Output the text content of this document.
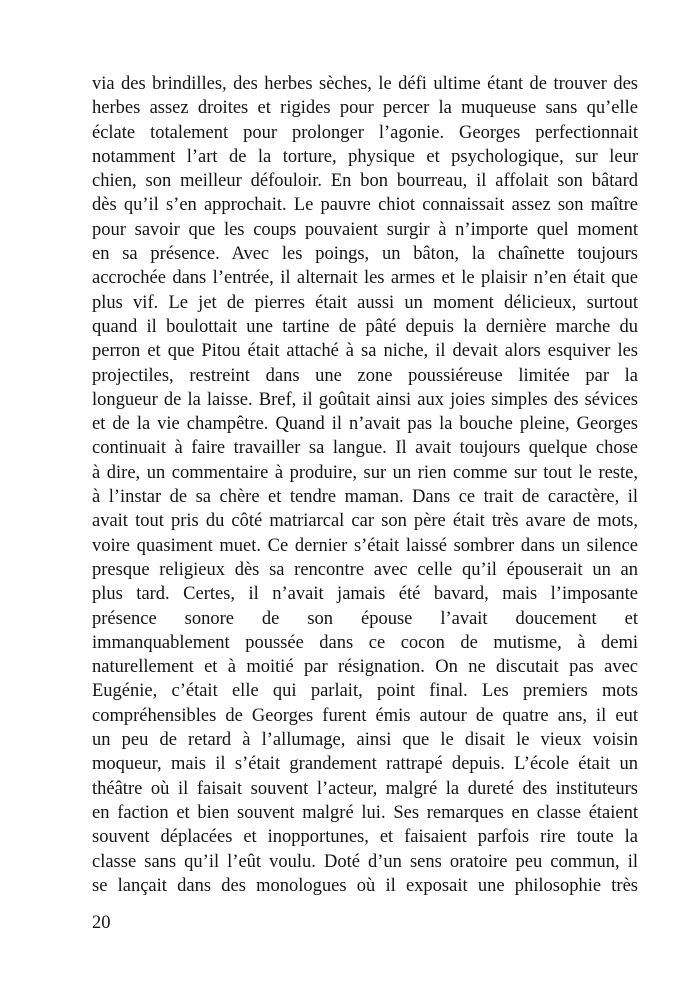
via des brindilles, des herbes sèches, le défi ultime étant de trouver des
herbes assez droites et rigides pour percer la muqueuse sans qu’elle
éclate totalement pour prolonger l’agonie. Georges perfectionnait
notamment l’art de la torture, physique et psychologique, sur leur
chien, son meilleur défouloir. En bon bourreau, il affolait son bâtard
dès qu’il s’en approchait. Le pauvre chiot connaissait assez son maître
pour savoir que les coups pouvaient surgir à n’importe quel moment
en sa présence. Avec les poings, un bâton, la chaînette toujours
accrochée dans l’entrée, il alternait les armes et le plaisir n’en était que
plus vif. Le jet de pierres était aussi un moment délicieux, surtout
quand il boulottait une tartine de pâté depuis la dernière marche du
perron et que Pitou était attaché à sa niche, il devait alors esquiver les
projectiles, restreint dans une zone poussiéreuse limitée par la
longueur de la laisse. Bref, il goûtait ainsi aux joies simples des sévices
et de la vie champêtre. Quand il n’avait pas la bouche pleine, Georges
continuait à faire travailler sa langue. Il avait toujours quelque chose
à dire, un commentaire à produire, sur un rien comme sur tout le reste,
à l’instar de sa chère et tendre maman. Dans ce trait de caractère, il
avait tout pris du côté matriarcal car son père était très avare de mots,
voire quasiment muet. Ce dernier s’était laissé sombrer dans un silence
presque religieux dès sa rencontre avec celle qu’il épouserait un an
plus tard. Certes, il n’avait jamais été bavard, mais l’imposante
présence sonore de son épouse l’avait doucement et
immanquablement poussée dans ce cocon de mutisme, à demi
naturellement et à moitié par résignation. On ne discutait pas avec
Eugénie, c’était elle qui parlait, point final. Les premiers mots
compréhensibles de Georges furent émis autour de quatre ans, il eut
un peu de retard à l’allumage, ainsi que le disait le vieux voisin
moqueur, mais il s’était grandement rattrapé depuis. L’école était un
théâtre où il faisait souvent l’acteur, malgré la dureté des instituteurs
en faction et bien souvent malgré lui. Ses remarques en classe étaient
souvent déplacées et inopportunes, et faisaient parfois rire toute la
classe sans qu’il l’eût voulu. Doté d’un sens oratoire peu commun, il
se lançait dans des monologues où il exposait une philosophie très
20
